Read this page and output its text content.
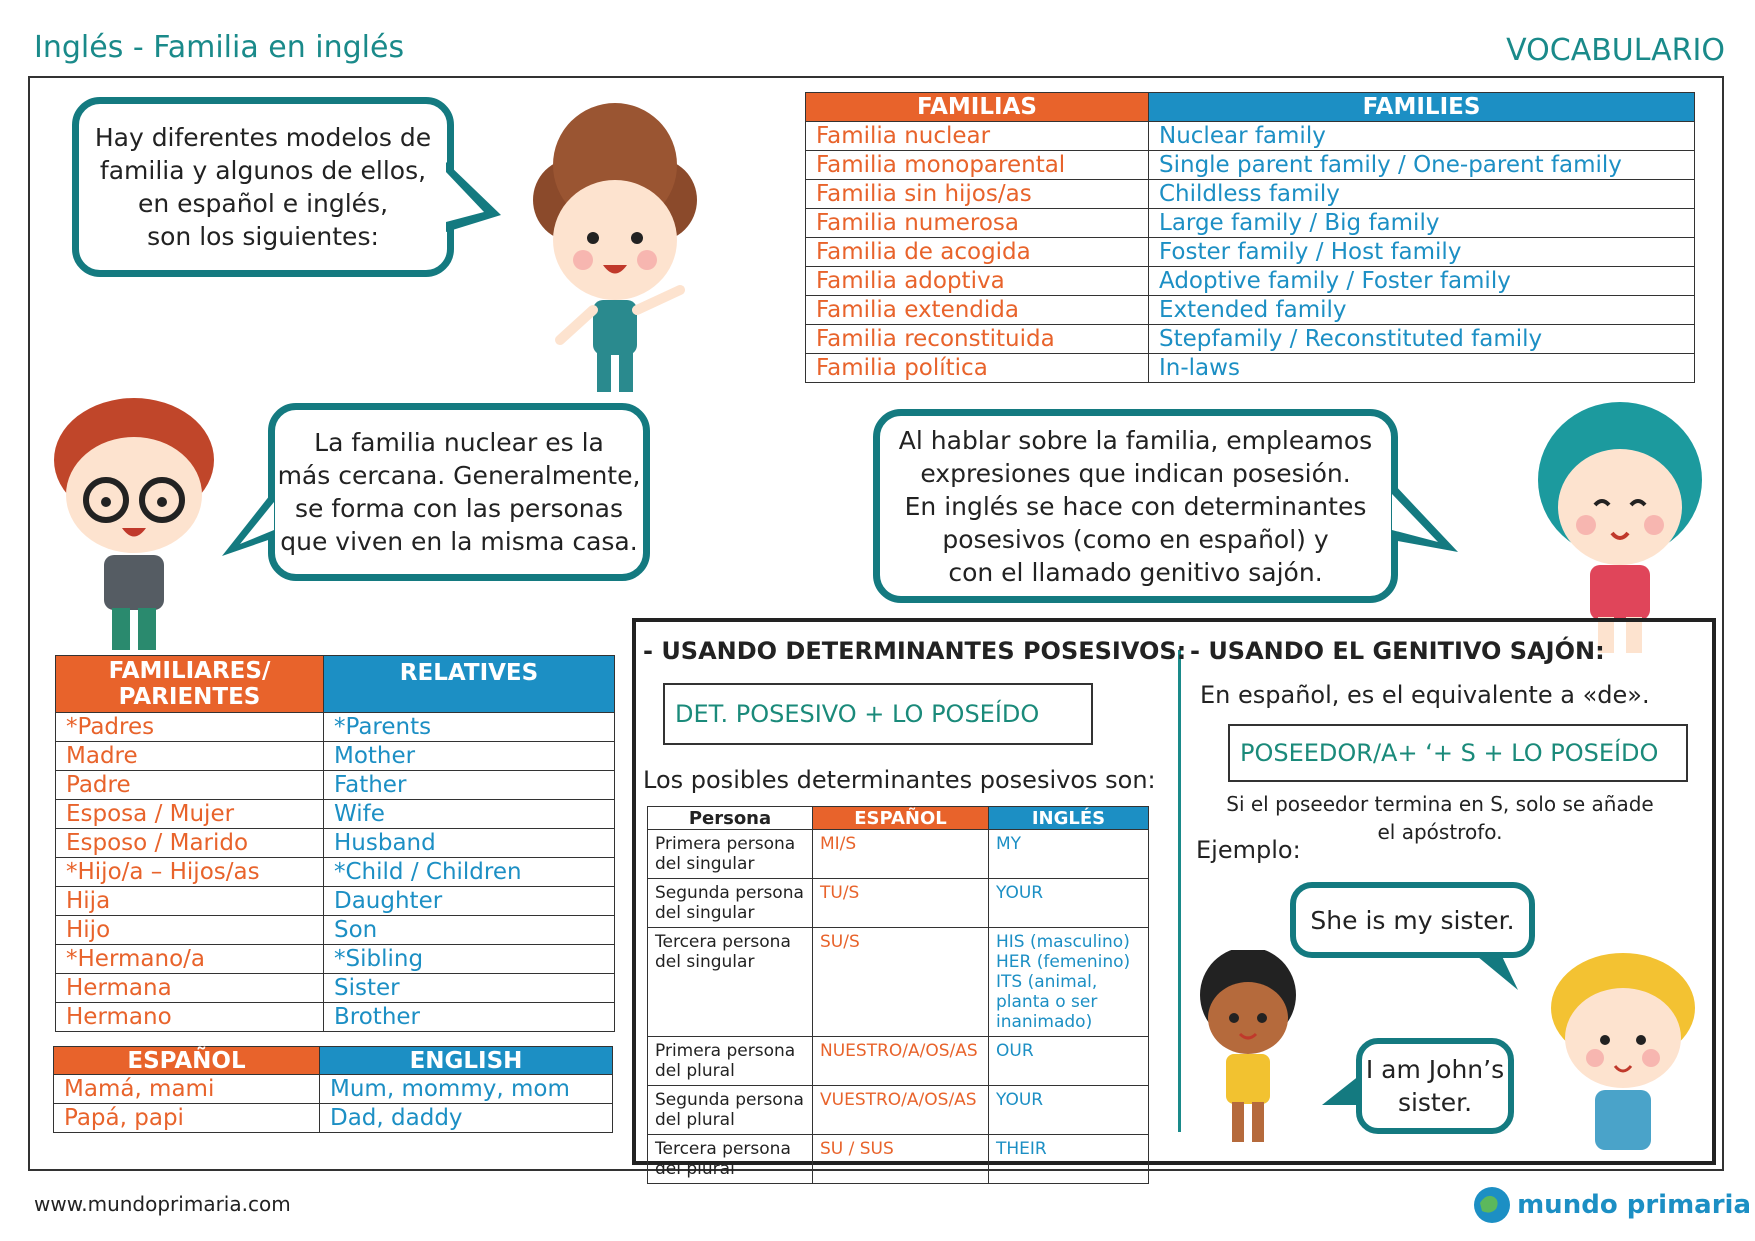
Inglés - Familia en inglés	VOCABULARIO
Hay diferentes modelos de
familia y algunos de ellos,
en español e inglés,
son los siguientes:
FAMILIAS	FAMILIES
Familia nuclear	Nuclear family
Familia monoparental	Single parent family / One-parent family
Familia sin hijos/as	Childless family
Familia numerosa	Large family / Big family
Familia de acogida	Foster family / Host family
Familia adoptiva	Adoptive family / Foster family
Familia extendida	Extended family
Familia reconstituida	Stepfamily / Reconstituted family
Familia política	In-laws
La familia nuclear es la
más cercana. Generalmente,
se forma con las personas
que viven en la misma casa.
Al hablar sobre la familia, empleamos
expresiones que indican posesión.
En inglés se hace con determinantes
posesivos (como en español) y
con el llamado genitivo sajón.
FAMILIARES/ PARIENTES	RELATIVES
*Padres	*Parents
Madre	Mother
Padre	Father
Esposa / Mujer	Wife
Esposo / Marido	Husband
*Hijo/a – Hijos/as	*Child / Children
Hija	Daughter
Hijo	Son
*Hermano/a	*Sibling
Hermana	Sister
Hermano	Brother
ESPAÑOL	ENGLISH
Mamá, mami	Mum, mommy, mom
Papá, papi	Dad, daddy
- USANDO DETERMINANTES POSESIVOS:
DET. POSESIVO + LO POSEÍDO
Los posibles determinantes posesivos son:
Persona	ESPAÑOL	INGLÉS
Primera persona del singular	MI/S	MY
Segunda persona del singular	TU/S	YOUR
Tercera persona del singular	SU/S	HIS (masculino) HER (femenino) ITS (animal, planta o ser inanimado)
Primera persona del plural	NUESTRO/A/OS/AS	OUR
Segunda persona del plural	VUESTRO/A/OS/AS	YOUR
Tercera persona del plural	SU / SUS	THEIR
- USANDO EL GENITIVO SAJÓN:
En español, es el equivalente a «de».
POSEEDOR/A+ ‘+ S + LO POSEÍDO
Si el poseedor termina en S, solo se añade
el apóstrofo.
Ejemplo:
She is my sister.
I am John’s
sister.
www.mundoprimaria.com	mundo primaria
